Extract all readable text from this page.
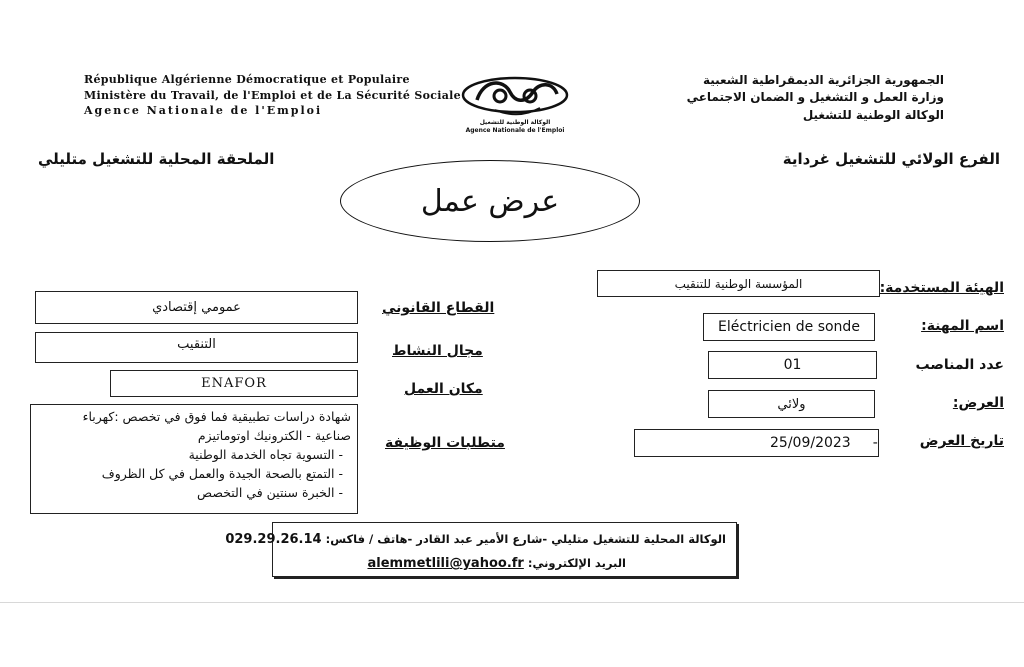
République Algérienne Démocratique et Populaire
Ministère du Travail, de l'Emploi et de La Sécurité Sociale
Agence Nationale de l'Emploi
الوكالة الوطنية للتشغيل
Agence Nationale de l'Emploi
الجمهورية الجزائرية الديمقراطية الشعبية
وزارة العمل و التشغيل و الضمان الاجتماعي
الوكالة الوطنية للتشغيل
الفرع الولائي للتشغيل غرداية
الملحقة المحلية للتشغيل متليلي
عرض عمل
المؤسسة الوطنية للتنقيب	الهيئة المستخدمة:
Eléctricien de sonde	اسم المهنة:
01	عدد المناصب
ولائي	العرض:
25/09/2023 -	تاريخ العرض
القطاع القانوني
عمومي إقتصادي
مجال النشاط
التنقيب
مكان العمل
ENAFOR
متطلبات الوظيفة
شهادة دراسات تطبيقية فما فوق في تخصص :كهرباء
صناعية - الكترونيك اوتوماتيزم
- التسوية تجاه الخدمة الوطنية
- التمتع بالصحة الجيدة والعمل في كل الظروف
- الخبرة سنتين في التخصص
الوكالة المحلية للتشغيل متليلي -شارع الأمير عبد القادر -هاتف / فاكس: 029.29.26.14
البريد الإلكتروني: alemmetlili@yahoo.fr
